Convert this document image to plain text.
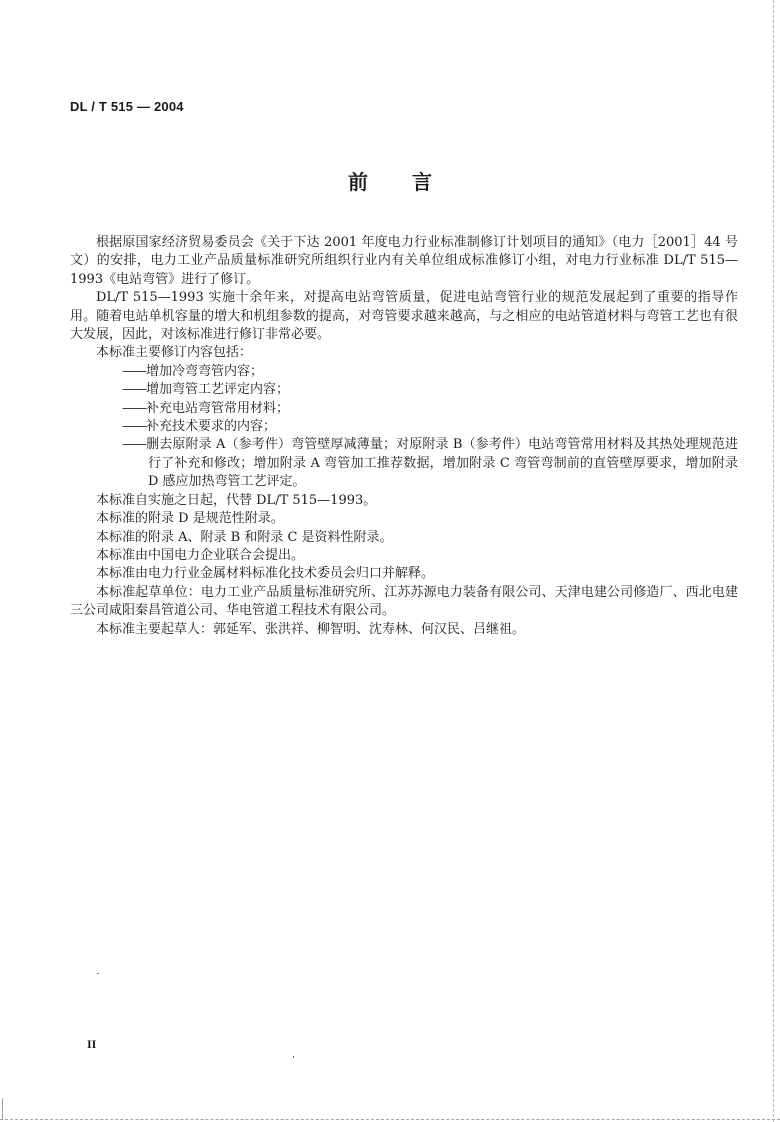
DL / T 515 — 2004
前言

根据原国家经济贸易委员会《关于下达 2001 年度电力行业标准制修订计划项目的通知》（电力［2001］44 号文）的安排，电力工业产品质量标准研究所组织行业内有关单位组成标准修订小组，对电力行业标准 DL/T 515—1993《电站弯管》进行了修订。

DL/T 515—1993 实施十余年来，对提高电站弯管质量，促进电站弯管行业的规范发展起到了重要的指导作用。随着电站单机容量的增大和机组参数的提高，对弯管要求越来越高，与之相应的电站管道材料与弯管工艺也有很大发展，因此，对该标准进行修订非常必要。

本标准主要修订内容包括：

——增加冷弯弯管内容；

——增加弯管工艺评定内容；

——补充电站弯管常用材料；

——补充技术要求的内容；

——删去原附录 A（参考件）弯管壁厚减薄量；对原附录 B（参考件）电站弯管常用材料及其热处理规范进行了补充和修改；增加附录 A 弯管加工推荐数据，增加附录 C 弯管弯制前的直管壁厚要求，增加附录 D 感应加热弯管工艺评定。

本标准自实施之日起，代替 DL/T 515—1993。

本标准的附录 D 是规范性附录。

本标准的附录 A、附录 B 和附录 C 是资料性附录。

本标准由中国电力企业联合会提出。

本标准由电力行业金属材料标准化技术委员会归口并解释。

本标准起草单位：电力工业产品质量标准研究所、江苏苏源电力装备有限公司、天津电建公司修造厂、西北电建三公司咸阳秦昌管道公司、华电管道工程技术有限公司。

本标准主要起草人：郭延军、张洪祥、柳智明、沈寿林、何汉民、吕继祖。

II
